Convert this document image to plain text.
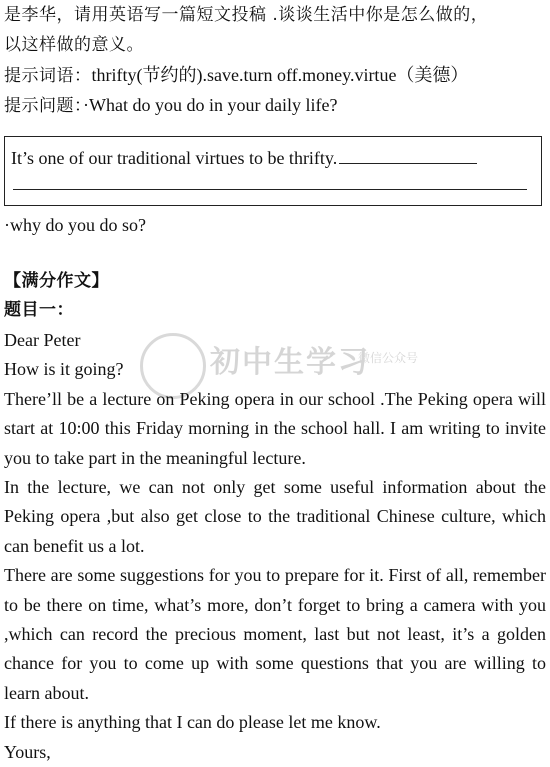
初中生学习
微信公众号
是李华，请用英语写一篇短文投稿 .谈谈生活中你是怎么做的，
以这样做的意义。
提示词语：thrifty(节约的).save.turn off.money.virtue（美德）
提示问题：·What do you do in your daily life?
It’s one of our traditional virtues to be thrifty.
·why do you do so?
【满分作文】
题目一：

Dear Peter

How is it going?

There’ll be a lecture on Peking opera in our school .The Peking opera will start at 10:00 this Friday morning in the school hall. I am writing to invite you to take part in the meaningful lecture.

In the lecture, we can not only get some useful information about the Peking opera ,but also get close to the traditional Chinese culture, which can benefit us a lot.

There are some suggestions for you to prepare for it. First of all, remember to be there on time, what’s more, don’t forget to bring a camera with you ,which can record the precious moment, last but not least, it’s a golden chance for you to come up with some questions that you are willing to learn about.

If there is anything that I can do please let me know.

Yours,
